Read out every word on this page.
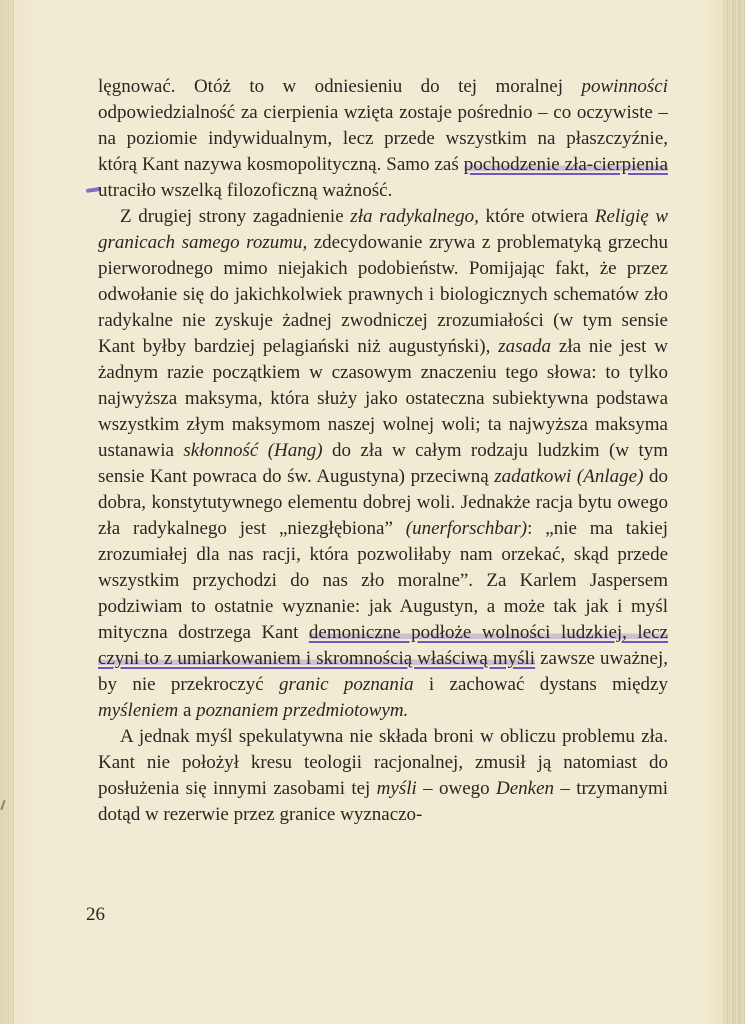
lęgnować. Otóż to w odniesieniu do tej moralnej powinności odpowiedzialność za cierpienia wzięta zostaje pośrednio – co oczywiste – na poziomie indywidualnym, lecz przede wszystkim na płaszczyźnie, którą Kant nazywa kosmopolityczną. Samo zaś pochodzenie zła-cierpienia utraciło wszelką filozoficzną ważność.

Z drugiej strony zagadnienie zła radykalnego, które otwiera Religię w granicach samego rozumu, zdecydowanie zrywa z problematyką grzechu pierworodnego mimo niejakich podobieństw. Pomijając fakt, że przez odwołanie się do jakichkolwiek prawnych i biologicznych schematów zło radykalne nie zyskuje żadnej zwodniczej zrozumiałości (w tym sensie Kant byłby bardziej pelagiański niż augustyński), zasada zła nie jest w żadnym razie początkiem w czasowym znaczeniu tego słowa: to tylko najwyższa maksyma, która służy jako ostateczna subiektywna podstawa wszystkim złym maksymom naszej wolnej woli; ta najwyższa maksyma ustanawia skłonność (Hang) do zła w całym rodzaju ludzkim (w tym sensie Kant powraca do św. Augustyna) przeciwną zadatkowi (Anlage) do dobra, konstytutywnego elementu dobrej woli. Jednakże racja bytu owego zła radykalnego jest „niezgłębiona” (unerforschbar): „nie ma takiej zrozumiałej dla nas racji, która pozwoliłaby nam orzekać, skąd przede wszystkim przychodzi do nas zło moralne”. Za Karlem Jaspersem podziwiam to ostatnie wyznanie: jak Augustyn, a może tak jak i myśl mityczna dostrzega Kant demoniczne podłoże wolności ludzkiej, lecz czyni to z umiarkowaniem i skromnością właściwą myśli zawsze uważnej, by nie przekroczyć granic poznania i zachować dystans między myśleniem a poznaniem przedmiotowym.

A jednak myśl spekulatywna nie składa broni w obliczu problemu zła. Kant nie położył kresu teologii racjonalnej, zmusił ją natomiast do posłużenia się innymi zasobami tej myśli – owego Denken – trzymanymi dotąd w rezerwie przez granice wyznaczo-

26
